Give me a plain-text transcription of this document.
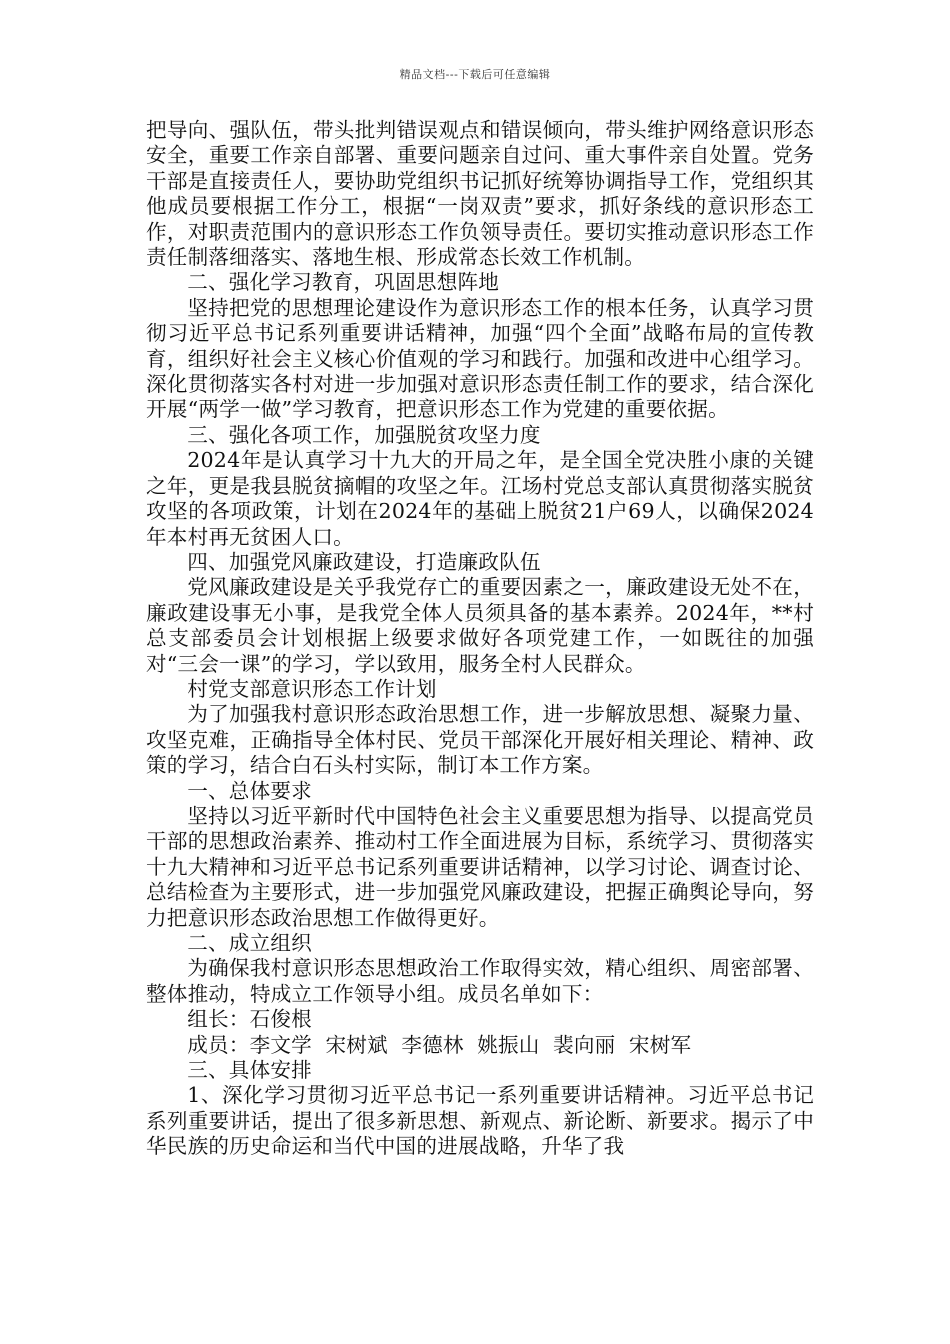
精品文档---下载后可任意编辑

把导向、强队伍，带头批判错误观点和错误倾向，带头维护网络意识形态安全，重要工作亲自部署、重要问题亲自过问、重大事件亲自处置。党务干部是直接责任人，要协助党组织书记抓好统筹协调指导工作，党组织其他成员要根据工作分工，根据“一岗双责”要求，抓好条线的意识形态工作，对职责范围内的意识形态工作负领导责任。要切实推动意识形态工作责任制落细落实、落地生根、形成常态长效工作机制。

二、强化学习教育，巩固思想阵地

坚持把党的思想理论建设作为意识形态工作的根本任务，认真学习贯彻习近平总书记系列重要讲话精神，加强“四个全面”战略布局的宣传教育，组织好社会主义核心价值观的学习和践行。加强和改进中心组学习。深化贯彻落实各村对进一步加强对意识形态责任制工作的要求，结合深化开展“两学一做”学习教育，把意识形态工作为党建的重要依据。

三、强化各项工作，加强脱贫攻坚力度

2024年是认真学习十九大的开局之年，是全国全党决胜小康的关键之年，更是我县脱贫摘帽的攻坚之年。江场村党总支部认真贯彻落实脱贫攻坚的各项政策，计划在2024年的基础上脱贫21户69人，以确保2024年本村再无贫困人口。

四、加强党风廉政建设，打造廉政队伍

党风廉政建设是关乎我党存亡的重要因素之一，廉政建设无处不在，廉政建设事无小事，是我党全体人员须具备的基本素养。2024年，**村总支部委员会计划根据上级要求做好各项党建工作，一如既往的加强对“三会一课”的学习，学以致用，服务全村人民群众。

村党支部意识形态工作计划

为了加强我村意识形态政治思想工作，进一步解放思想、凝聚力量、攻坚克难，正确指导全体村民、党员干部深化开展好相关理论、精神、政策的学习，结合白石头村实际，制订本工作方案。

一、总体要求

坚持以习近平新时代中国特色社会主义重要思想为指导、以提高党员干部的思想政治素养、推动村工作全面进展为目标，系统学习、贯彻落实十九大精神和习近平总书记系列重要讲话精神，以学习讨论、调查讨论、总结检查为主要形式，进一步加强党风廉政建设，把握正确舆论导向，努力把意识形态政治思想工作做得更好。

二、成立组织

为确保我村意识形态思想政治工作取得实效，精心组织、周密部署、整体推动，特成立工作领导小组。成员名单如下：

组长：石俊根

成员：李文学  宋树斌  李德林  姚振山  裴向丽  宋树军

三、具体安排

1、深化学习贯彻习近平总书记一系列重要讲话精神。习近平总书记系列重要讲话，提出了很多新思想、新观点、新论断、新要求。揭示了中华民族的历史命运和当代中国的进展战略，升华了我
